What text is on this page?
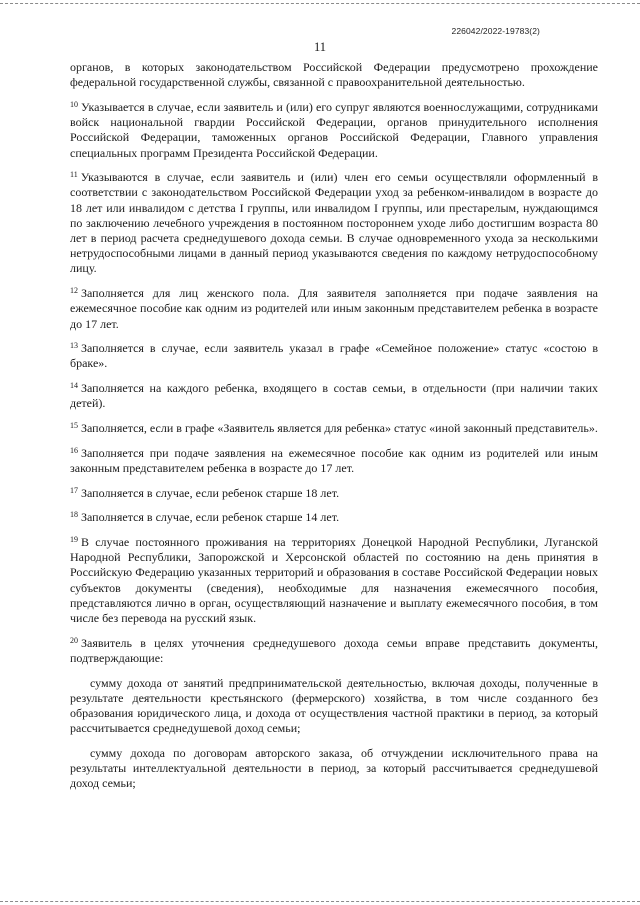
226042/2022-19783(2)
11

органов, в которых законодательством Российской Федерации предусмотрено прохождение федеральной государственной службы, связанной с правоохранительной деятельностью.

$^{10}$ Указывается в случае, если заявитель и (или) его супруг являются военнослужащими, сотрудниками войск национальной гвардии Российской Федерации, органов принудительного исполнения Российской Федерации, таможенных органов Российской Федерации, Главного управления специальных программ Президента Российской Федерации.

$^{11}$ Указываются в случае, если заявитель и (или) член его семьи осуществляли оформленный в соответствии с законодательством Российской Федерации уход за ребенком-инвалидом в возрасте до 18 лет или инвалидом с детства I группы, или инвалидом I группы, или престарелым, нуждающимся по заключению лечебного учреждения в постоянном постороннем уходе либо достигшим возраста 80 лет в период расчета среднедушевого дохода семьи. В случае одновременного ухода за несколькими нетрудоспособными лицами в данный период указываются сведения по каждому нетрудоспособному лицу.

$^{12}$ Заполняется для лиц женского пола. Для заявителя заполняется при подаче заявления на ежемесячное пособие как одним из родителей или иным законным представителем ребенка в возрасте до 17 лет.

$^{13}$ Заполняется в случае, если заявитель указал в графе «Семейное положение» статус «состою в браке».

$^{14}$ Заполняется на каждого ребенка, входящего в состав семьи, в отдельности (при наличии таких детей).

$^{15}$ Заполняется, если в графе «Заявитель является для ребенка» статус «иной законный представитель».

$^{16}$ Заполняется при подаче заявления на ежемесячное пособие как одним из родителей или иным законным представителем ребенка в возрасте до 17 лет.

$^{17}$ Заполняется в случае, если ребенок старше 18 лет.

$^{18}$ Заполняется в случае, если ребенок старше 14 лет.

$^{19}$ В случае постоянного проживания на территориях Донецкой Народной Республики, Луганской Народной Республики, Запорожской и Херсонской областей по состоянию на день принятия в Российскую Федерацию указанных территорий и образования в составе Российской Федерации новых субъектов документы (сведения), необходимые для назначения ежемесячного пособия, представляются лично в орган, осуществляющий назначение и выплату ежемесячного пособия, в том числе без перевода на русский язык.

$^{20}$ Заявитель в целях уточнения среднедушевого дохода семьи вправе представить документы, подтверждающие:

сумму дохода от занятий предпринимательской деятельностью, включая доходы, полученные в результате деятельности крестьянского (фермерского) хозяйства, в том числе созданного без образования юридического лица, и дохода от осуществления частной практики в период, за который рассчитывается среднедушевой доход семьи;

сумму дохода по договорам авторского заказа, об отчуждении исключительного права на результаты интеллектуальной деятельности в период, за который рассчитывается среднедушевой доход семьи;
